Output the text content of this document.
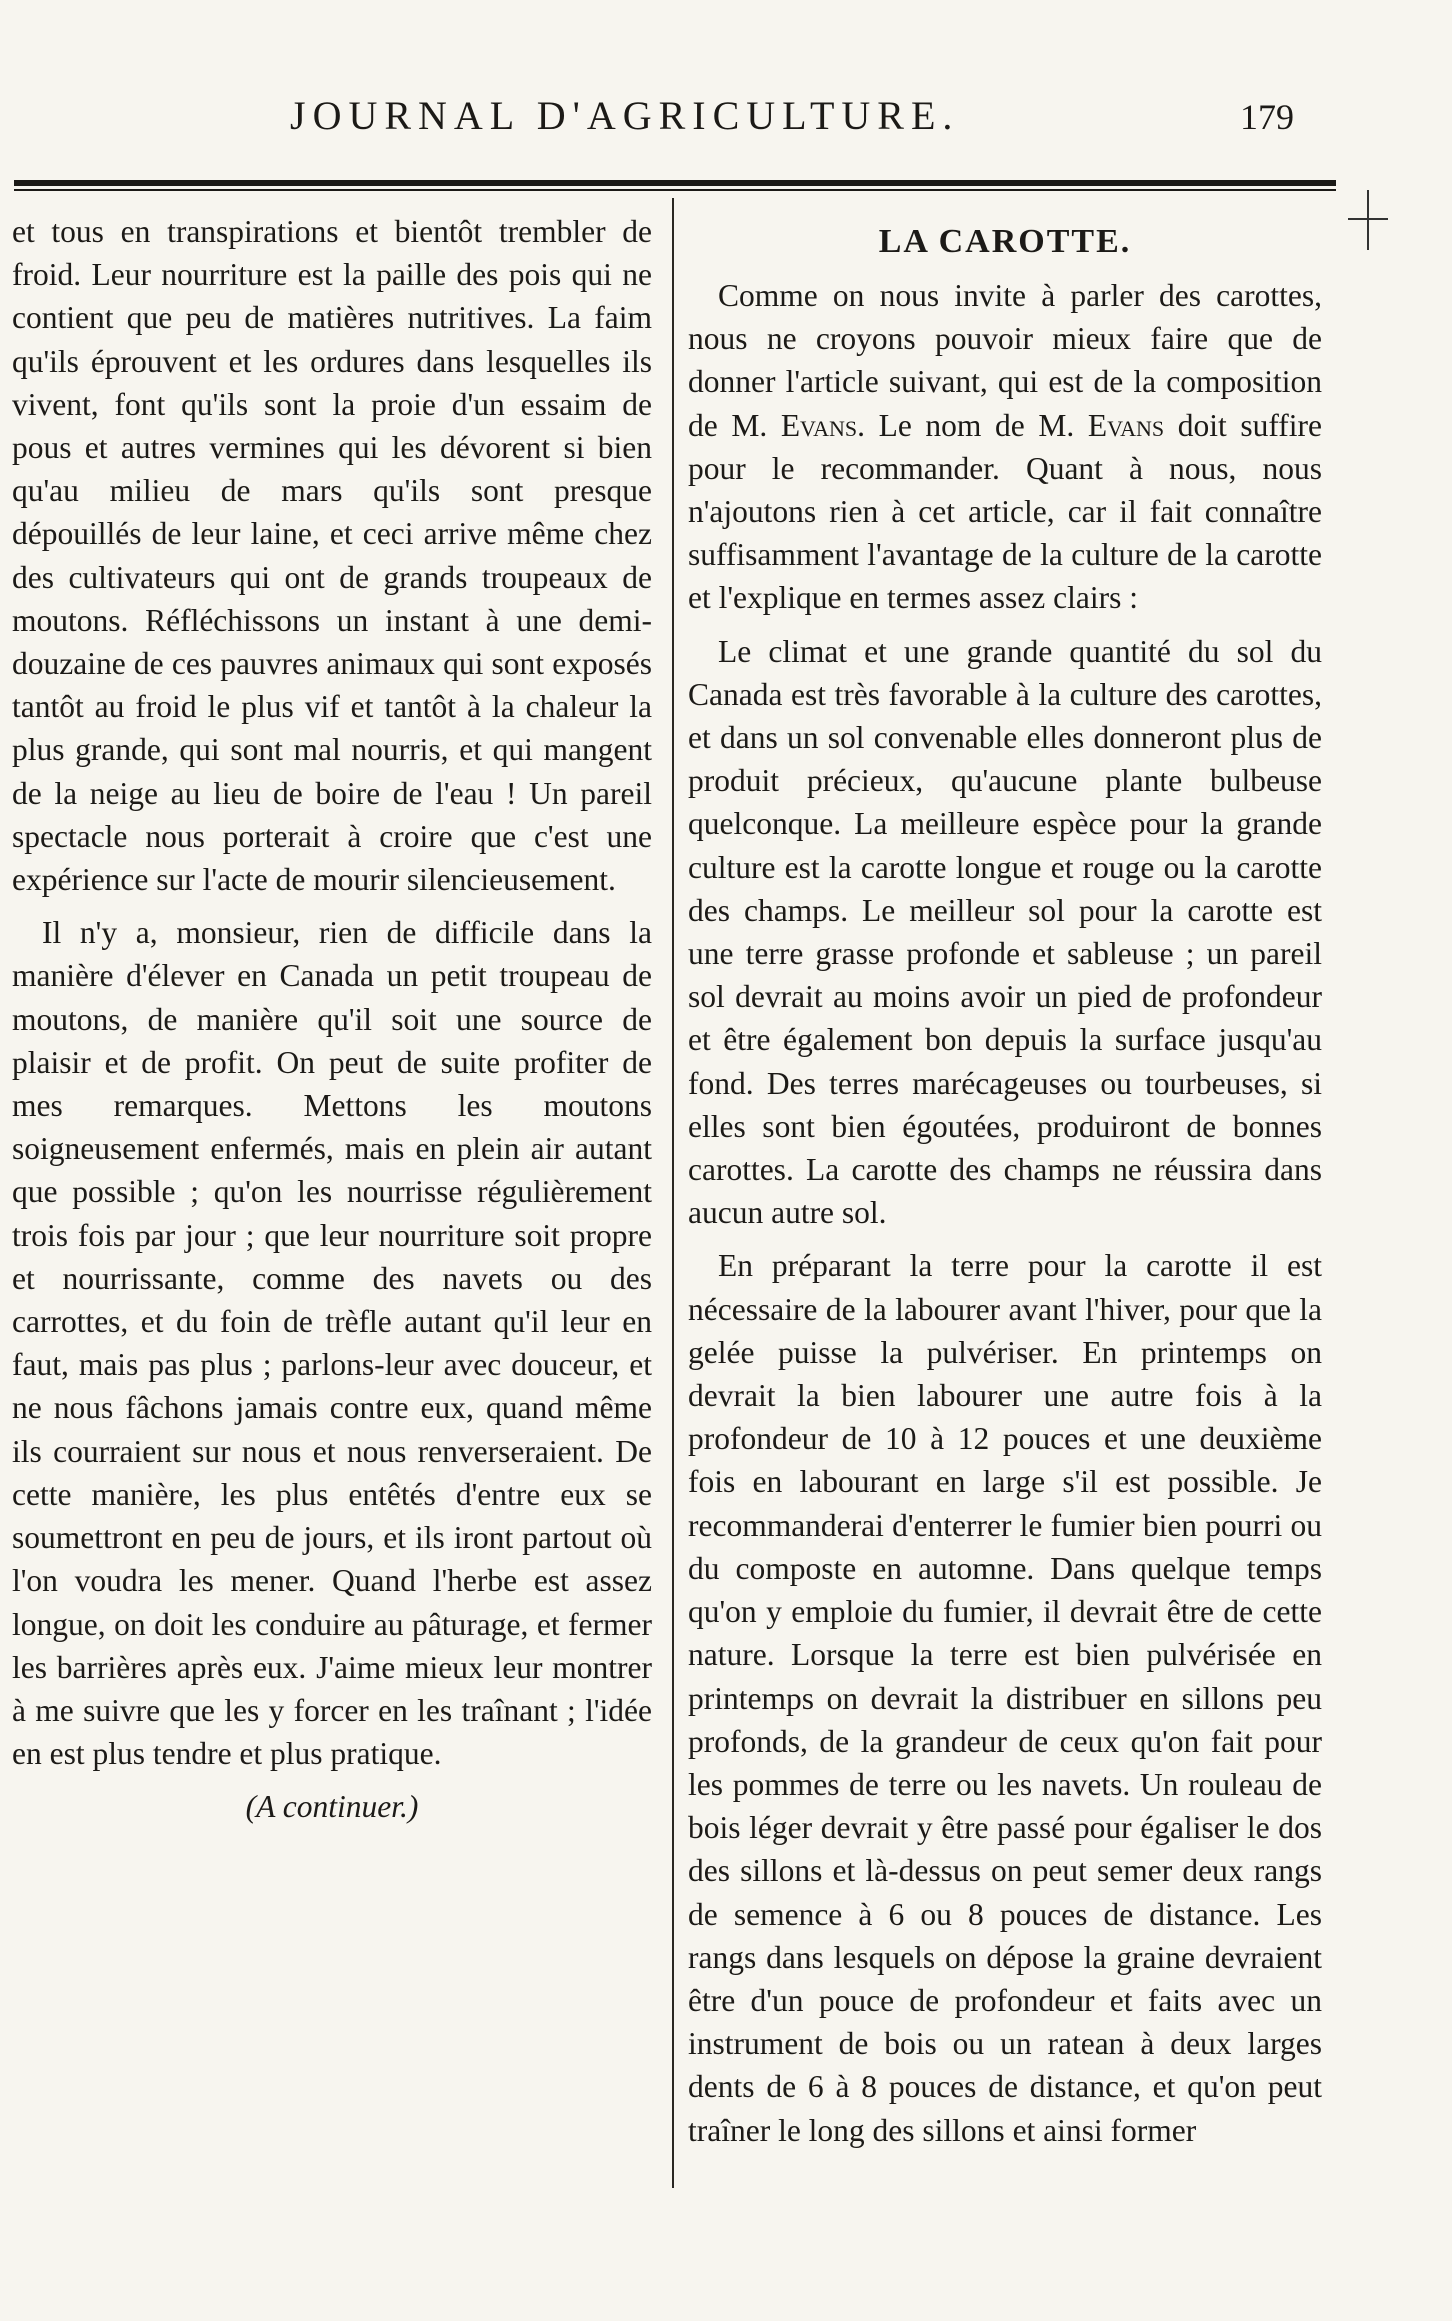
JOURNAL D'AGRICULTURE.	179

et tous en transpirations et bientôt trembler de froid. Leur nourriture est la paille des pois qui ne contient que peu de matières nutritives. La faim qu'ils éprouvent et les ordures dans lesquelles ils vivent, font qu'ils sont la proie d'un essaim de pous et autres vermines qui les dévorent si bien qu'au milieu de mars qu'ils sont presque dépouillés de leur laine, et ceci arrive même chez des cultivateurs qui ont de grands troupeaux de moutons. Réfléchissons un instant à une demi-douzaine de ces pauvres animaux qui sont exposés tantôt au froid le plus vif et tantôt à la chaleur la plus grande, qui sont mal nourris, et qui mangent de la neige au lieu de boire de l'eau ! Un pareil spectacle nous porterait à croire que c'est une expérience sur l'acte de mourir silencieusement.

Il n'y a, monsieur, rien de difficile dans la manière d'élever en Canada un petit troupeau de moutons, de manière qu'il soit une source de plaisir et de profit. On peut de suite profiter de mes remarques. Mettons les moutons soigneusement enfermés, mais en plein air autant que possible ; qu'on les nourrisse régulièrement trois fois par jour ; que leur nourriture soit propre et nourrissante, comme des navets ou des carrottes, et du foin de trèfle autant qu'il leur en faut, mais pas plus ; parlons-leur avec douceur, et ne nous fâchons jamais contre eux, quand même ils courraient sur nous et nous renverseraient. De cette manière, les plus entêtés d'entre eux se soumettront en peu de jours, et ils iront partout où l'on voudra les mener. Quand l'herbe est assez longue, on doit les conduire au pâturage, et fermer les barrières après eux. J'aime mieux leur montrer à me suivre que les y forcer en les traînant ; l'idée en est plus tendre et plus pratique.

(A continuer.)

LA CAROTTE.

Comme on nous invite à parler des carottes, nous ne croyons pouvoir mieux faire que de donner l'article suivant, qui est de la composition de M. Evans. Le nom de M. Evans doit suffire pour le recommander. Quant à nous, nous n'ajoutons rien à cet article, car il fait connaître suffisamment l'avantage de la culture de la carotte et l'explique en termes assez clairs :

Le climat et une grande quantité du sol du Canada est très favorable à la culture des carottes, et dans un sol convenable elles donneront plus de produit précieux, qu'aucune plante bulbeuse quelconque. La meilleure espèce pour la grande culture est la carotte longue et rouge ou la carotte des champs. Le meilleur sol pour la carotte est une terre grasse profonde et sableuse ; un pareil sol devrait au moins avoir un pied de profondeur et être également bon depuis la surface jusqu'au fond. Des terres marécageuses ou tourbeuses, si elles sont bien égoutées, produiront de bonnes carottes. La carotte des champs ne réussira dans aucun autre sol.

En préparant la terre pour la carotte il est nécessaire de la labourer avant l'hiver, pour que la gelée puisse la pulvériser. En printemps on devrait la bien labourer une autre fois à la profondeur de 10 à 12 pouces et une deuxième fois en labourant en large s'il est possible. Je recommanderai d'enterrer le fumier bien pourri ou du composte en automne. Dans quelque temps qu'on y emploie du fumier, il devrait être de cette nature. Lorsque la terre est bien pulvérisée en printemps on devrait la distribuer en sillons peu profonds, de la grandeur de ceux qu'on fait pour les pommes de terre ou les navets. Un rouleau de bois léger devrait y être passé pour égaliser le dos des sillons et là-dessus on peut semer deux rangs de semence à 6 ou 8 pouces de distance. Les rangs dans lesquels on dépose la graine devraient être d'un pouce de profondeur et faits avec un instrument de bois ou un ratean à deux larges dents de 6 à 8 pouces de distance, et qu'on peut traîner le long des sillons et ainsi former
